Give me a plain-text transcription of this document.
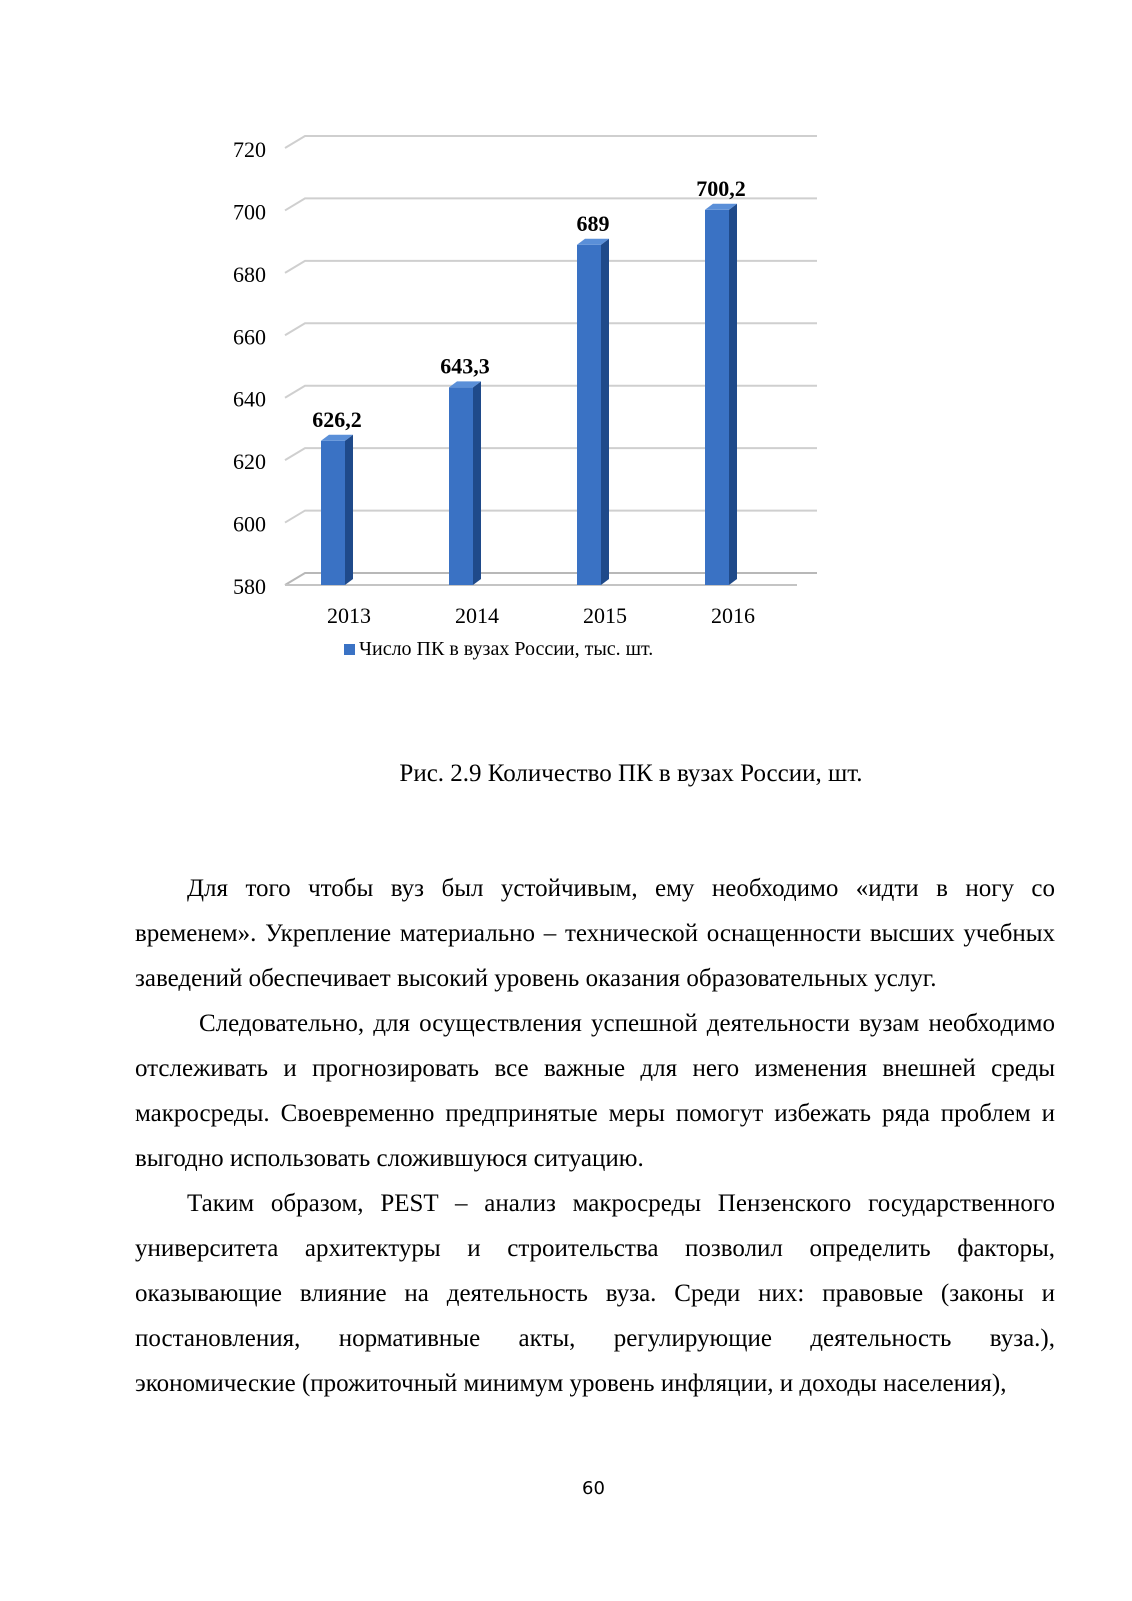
580
600
620
640
660
680
700
720
626,2
643,3
689
700,2
2013	2014	2015	2016
Число ПК в вузах России, тыс. шт.
Рис. 2.9 Количество ПК в вузах России, шт.

Для того чтобы вуз был устойчивым, ему необходимо «идти в ногу со временем». Укрепление материально – технической оснащенности высших учебных заведений обеспечивает высокий уровень оказания образовательных услуг.

Следовательно, для осуществления успешной деятельности вузам необходимо отслеживать и прогнозировать все важные для него изменения внешней среды макросреды. Своевременно предпринятые меры помогут избежать ряда проблем и выгодно использовать сложившуюся ситуацию.

Таким образом, PEST – анализ макросреды Пензенского государственного университета архитектуры и строительства позволил определить факторы, оказывающие влияние на деятельность вуза. Среди них: правовые (законы и постановления, нормативные акты, регулирующие деятельность вуза.), экономические (прожиточный минимум уровень инфляции, и доходы населения),

60
